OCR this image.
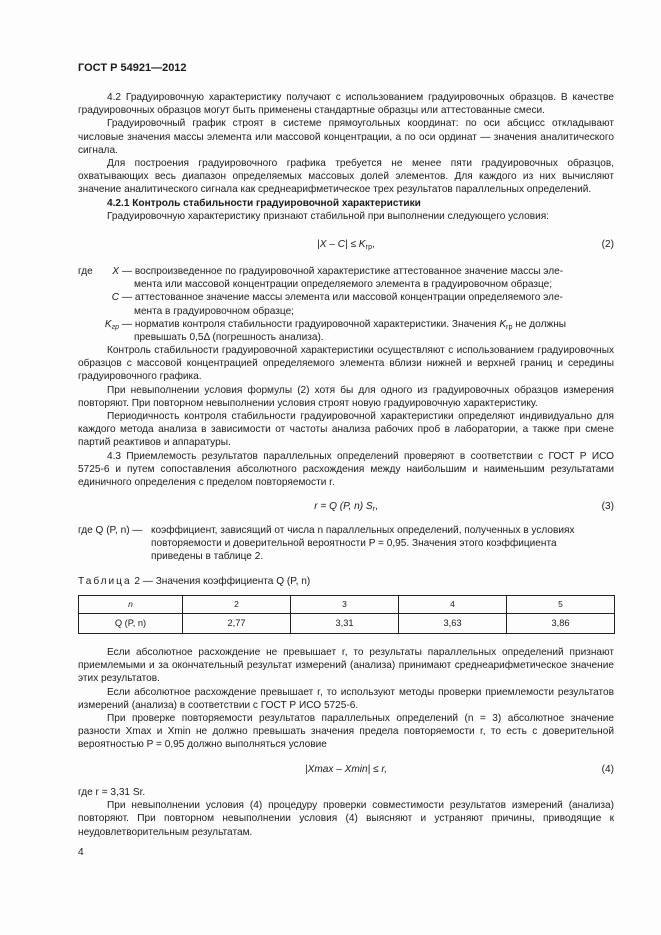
ГОСТ Р 54921—2012

4.2 Градуировочную характеристику получают с использованием градуировочных образцов. В качестве градуировочных образцов могут быть применены стандартные образцы или аттестованные смеси.

Градуировочный график строят в системе прямоугольных координат: по оси абсцисс откладывают числовые значения массы элемента или массовой концентрации, а по оси ординат — значения аналитического сигнала.

Для построения градуировочного графика требуется не менее пяти градуировочных образцов, охватывающих весь диапазон определяемых массовых долей элементов. Для каждого из них вычисляют значение аналитического сигнала как среднеарифметическое трех результатов параллельных определений.

4.2.1 Контроль стабильности градуировочной характеристики

Градуировочную характеристику признают стабильной при выполнении следующего условия:

$|X - C| \le K_{гр}$,	(2)
где	X — воспроизведенное по градуировочной характеристике аттестованное значение массы эле-
мента или массовой концентрации определяемого элемента в градуировочном образце;
C — аттестованное значение массы элемента или массовой концентрации определяемого эле-
мента в градуировочном образце;
$K_{гр}$ — норматив контроля стабильности градуировочной характеристики. Значения $K_{гр}$ не должны
превышать 0,5Δ (погрешность анализа).

Контроль стабильности градуировочной характеристики осуществляют с использованием градуировочных образцов с массовой концентрацией определяемого элемента вблизи нижней и верхней границ и середины градуировочного графика.

При невыполнении условия формулы (2) хотя бы для одного из градуировочных образцов измерения повторяют. При повторном невыполнении условия строят новую градуировочную характеристику.

Периодичность контроля стабильности градуировочной характеристики определяют индивидуально для каждого метода анализа в зависимости от частоты анализа рабочих проб в лаборатории, а также при смене партий реактивов и аппаратуры.

4.3 Приемлемость результатов параллельных определений проверяют в соответствии с ГОСТ Р ИСО 5725-6 и путем сопоставления абсолютного расхождения между наибольшим и наименьшим результатами единичного определения с пределом повторяемости r.

r = Q (P, n) $S_r$,	(3)
где Q (P, n) — коэффициент, зависящий от числа n параллельных определений, полученных в условиях
повторяемости и доверительной вероятности P = 0,95. Значения этого коэффициента
приведены в таблице 2.
Таблица 2 — Значения коэффициента Q (P, n)
n	2	3	4	5
Q (P, n)	2,77	3,31	3,63	3,86

Если абсолютное расхождение не превышает r, то результаты параллельных определений признают приемлемыми и за окончательный результат измерений (анализа) принимают среднеарифметическое значение этих результатов.

Если абсолютное расхождение превышает r, то используют методы проверки приемлемости результатов измерений (анализа) в соответствии с ГОСТ Р ИСО 5725-6.

При проверке повторяемости результатов параллельных определений (n = 3) абсолютное значение разности Xmax и Xmin не должно превышать значения предела повторяемости r, то есть с доверительной вероятностью P = 0,95 должно выполняться условие

|Xmax – Xmin| ≤ r,	(4)

где r = 3,31 Sr.

При невыполнении условия (4) процедуру проверки совместимости результатов измерений (анализа) повторяют. При повторном невыполнении условия (4) выясняют и устраняют причины, приводящие к неудовлетворительным результатам.

4
